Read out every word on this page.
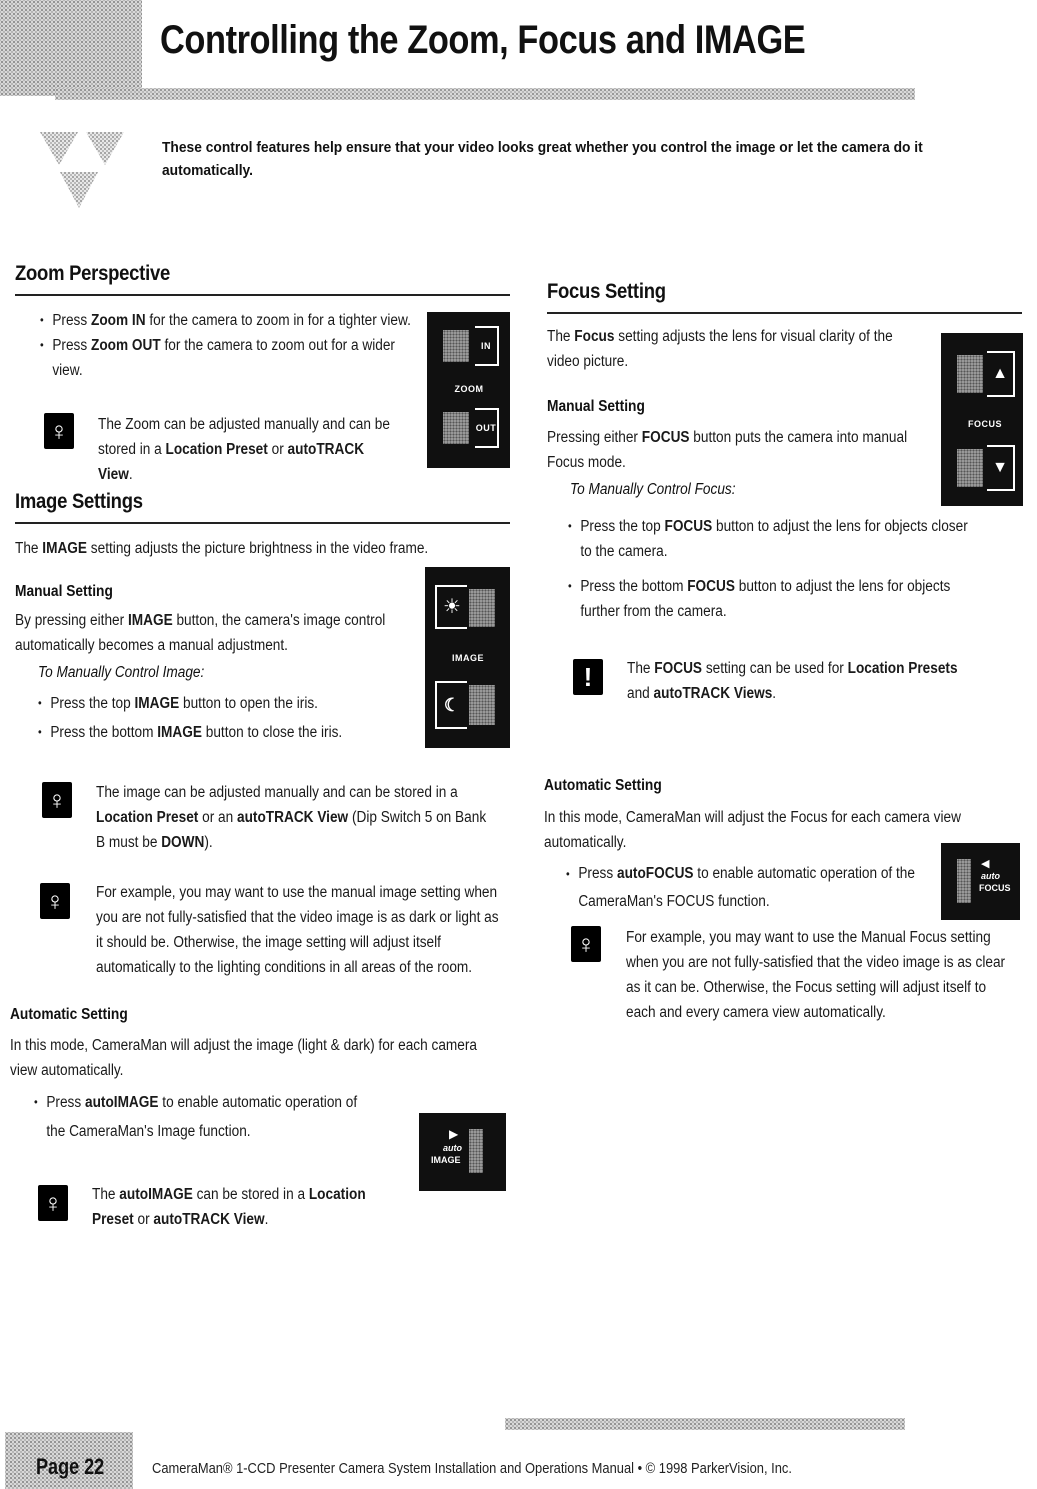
Controlling the Zoom, Focus and IMAGE
These control features help ensure that your video looks great whether you control the image or let the camera do it automatically.
Zoom Perspective
• Press Zoom IN for the camera to zoom in for a tighter view.
• Press Zoom OUT for the camera to zoom out for a wider view.
♀	The Zoom can be adjusted manually and can be stored in a Location Preset or autoTRACK View.
IN
ZOOM
OUT
Image Settings
The IMAGE setting adjusts the picture brightness in the video frame.
Manual Setting
By pressing either IMAGE button, the camera's image control automatically becomes a manual adjustment.
To Manually Control Image:
• Press the top IMAGE button to open the iris.
• Press the bottom IMAGE button to close the iris.
☀
IMAGE
☾
♀	The image can be adjusted manually and can be stored in a Location Preset or an autoTRACK View (Dip Switch 5 on Bank B must be DOWN).
♀	For example, you may want to use the manual image setting when you are not fully-satisfied that the video image is as dark or light as it should be. Otherwise, the image setting will adjust itself automatically to the lighting conditions in all areas of the room.
Automatic Setting
In this mode, CameraMan will adjust the image (light & dark) for each camera view automatically.
• Press autoIMAGE to enable automatic operation of the CameraMan's Image function.	▶
auto
IMAGE
♀	The autoIMAGE can be stored in a Location Preset or autoTRACK View.
Focus Setting
The Focus setting adjusts the lens for visual clarity of the video picture.
Manual Setting
Pressing either FOCUS button puts the camera into manual Focus mode.
▲
FOCUS
▼
To Manually Control Focus:
• Press the top FOCUS button to adjust the lens for objects closer to the camera.
• Press the bottom FOCUS button to adjust the lens for objects further from the camera.
!	The FOCUS setting can be used for Location Presets and autoTRACK Views.
Automatic Setting
In this mode, CameraMan will adjust the Focus for each camera view automatically.
• Press autoFOCUS to enable automatic operation of the CameraMan's FOCUS function.
◀
auto
FOCUS
♀	For example, you may want to use the Manual Focus setting when you are not fully-satisfied that the video image is as clear as it can be. Otherwise, the Focus setting will adjust itself to each and every camera view automatically.
Page 22	CameraMan® 1-CCD Presenter Camera System Installation and Operations Manual • © 1998 ParkerVision, Inc.
